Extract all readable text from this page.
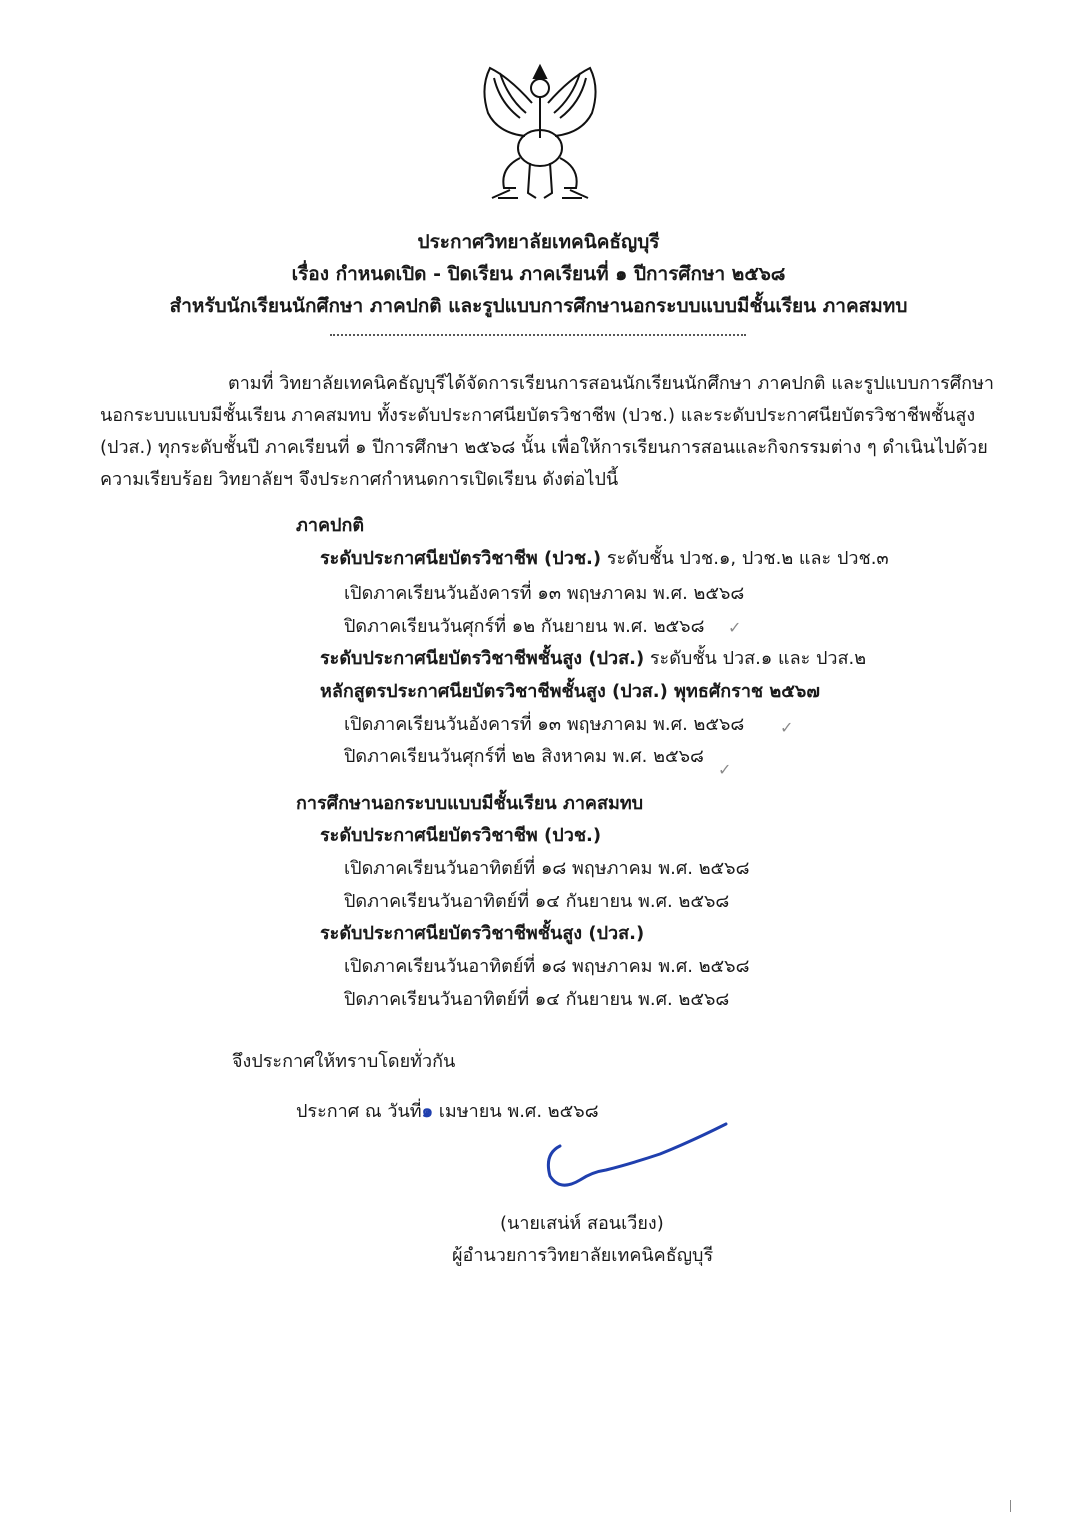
ประกาศวิทยาลัยเทคนิคธัญบุรี
เรื่อง กำหนดเปิด - ปิดเรียน ภาคเรียนที่ ๑ ปีการศึกษา ๒๕๖๘
สำหรับนักเรียนนักศึกษา ภาคปกติ และรูปแบบการศึกษานอกระบบแบบมีชั้นเรียน ภาคสมทบ
ตามที่ วิทยาลัยเทคนิคธัญบุรีได้จัดการเรียนการสอนนักเรียนนักศึกษา ภาคปกติ และรูปแบบการศึกษา
นอกระบบแบบมีชั้นเรียน ภาคสมทบ ทั้งระดับประกาศนียบัตรวิชาชีพ (ปวช.) และระดับประกาศนียบัตรวิชาชีพชั้นสูง
(ปวส.) ทุกระดับชั้นปี ภาคเรียนที่ ๑ ปีการศึกษา ๒๕๖๘ นั้น เพื่อให้การเรียนการสอนและกิจกรรมต่าง ๆ ดำเนินไปด้วย
ความเรียบร้อย วิทยาลัยฯ จึงประกาศกำหนดการเปิดเรียน ดังต่อไปนี้
ภาคปกติ
ระดับประกาศนียบัตรวิชาชีพ (ปวช.) ระดับชั้น ปวช.๑, ปวช.๒ และ ปวช.๓
เปิดภาคเรียนวันอังคารที่ ๑๓ พฤษภาคม พ.ศ. ๒๕๖๘
ปิดภาคเรียนวันศุกร์ที่ ๑๒ กันยายน พ.ศ. ๒๕๖๘
ระดับประกาศนียบัตรวิชาชีพชั้นสูง (ปวส.) ระดับชั้น ปวส.๑ และ ปวส.๒
หลักสูตรประกาศนียบัตรวิชาชีพชั้นสูง (ปวส.) พุทธศักราช ๒๕๖๗
เปิดภาคเรียนวันอังคารที่ ๑๓ พฤษภาคม พ.ศ. ๒๕๖๘
ปิดภาคเรียนวันศุกร์ที่ ๒๒ สิงหาคม พ.ศ. ๒๕๖๘
✓
✓
✓
การศึกษานอกระบบแบบมีชั้นเรียน ภาคสมทบ
ระดับประกาศนียบัตรวิชาชีพ (ปวช.)
เปิดภาคเรียนวันอาทิตย์ที่ ๑๘ พฤษภาคม พ.ศ. ๒๕๖๘
ปิดภาคเรียนวันอาทิตย์ที่ ๑๔ กันยายน พ.ศ. ๒๕๖๘
ระดับประกาศนียบัตรวิชาชีพชั้นสูง (ปวส.)
เปิดภาคเรียนวันอาทิตย์ที่ ๑๘ พฤษภาคม พ.ศ. ๒๕๖๘
ปิดภาคเรียนวันอาทิตย์ที่ ๑๔ กันยายน พ.ศ. ๒๕๖๘
จึงประกาศให้ทราบโดยทั่วกัน
ประกาศ ณ วันที่๑ เมษายน พ.ศ. ๒๕๖๘
(นายเสน่ห์ สอนเวียง)
ผู้อำนวยการวิทยาลัยเทคนิคธัญบุรี
